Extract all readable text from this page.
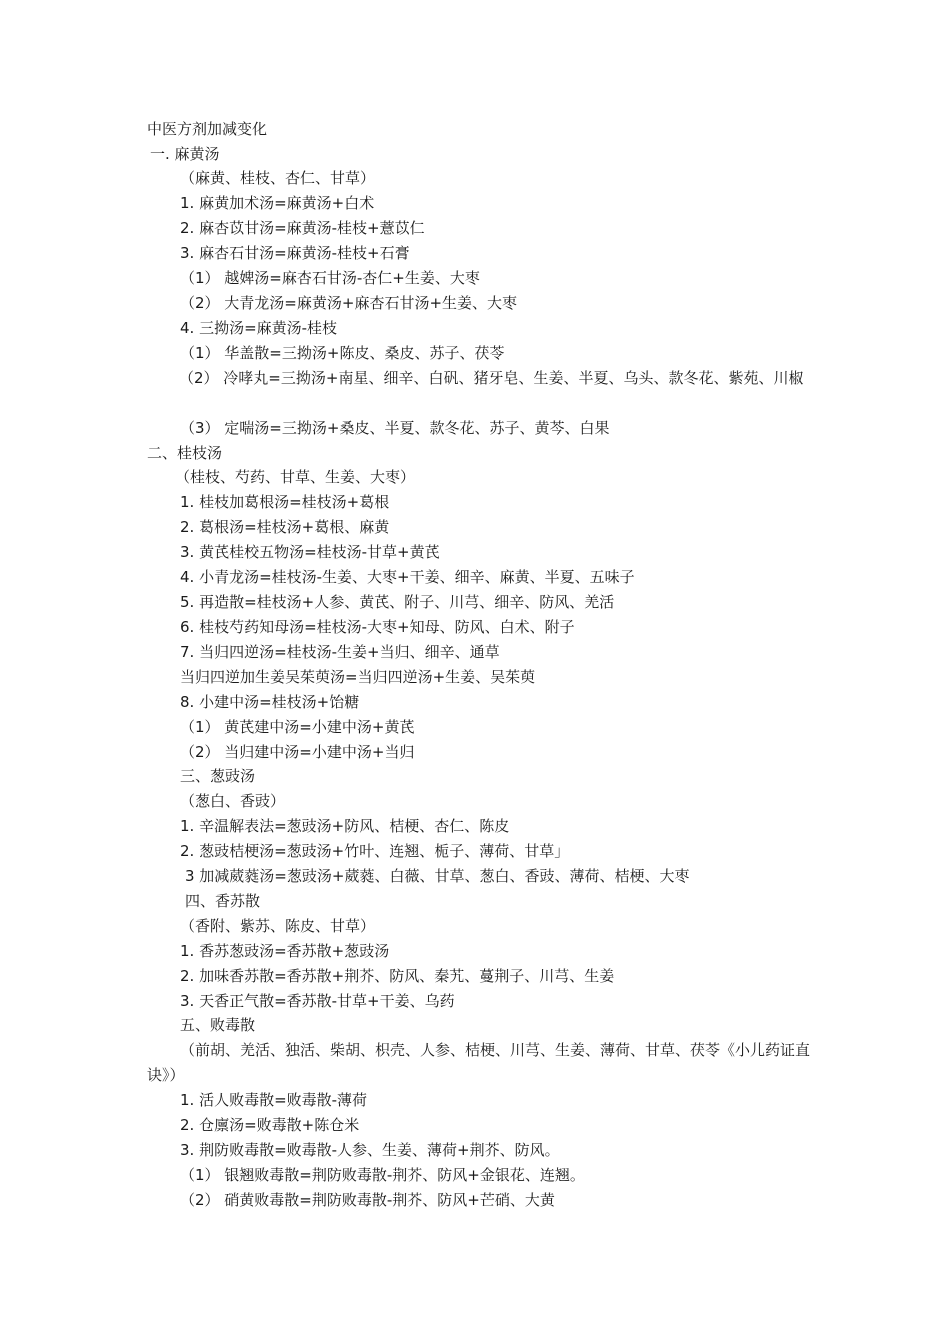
中医方剂加减变化
一. 麻黄汤
（麻黄、桂枝、杏仁、甘草）
1. 麻黄加术汤=麻黄汤+白术
2. 麻杏苡甘汤=麻黄汤-桂枝+薏苡仁
3. 麻杏石甘汤=麻黄汤-桂枝+石膏
（1） 越婢汤=麻杏石甘汤-杏仁+生姜、大枣
（2） 大青龙汤=麻黄汤+麻杏石甘汤+生姜、大枣
4. 三拗汤=麻黄汤-桂枝
（1） 华盖散=三拗汤+陈皮、桑皮、苏子、茯苓
（2） 冷哮丸=三拗汤+南星、细辛、白矾、猪牙皂、生姜、半夏、乌头、款冬花、紫苑、川椒
（3） 定喘汤=三拗汤+桑皮、半夏、款冬花、苏子、黄芩、白果
二、桂枝汤
（桂枝、芍药、甘草、生姜、大枣）
1. 桂枝加葛根汤=桂枝汤+葛根
2. 葛根汤=桂枝汤+葛根、麻黄
3. 黄芪桂校五物汤=桂枝汤-甘草+黄芪
4. 小青龙汤=桂枝汤-生姜、大枣+干姜、细辛、麻黄、半夏、五味子
5. 再造散=桂枝汤+人参、黄芪、附子、川芎、细辛、防风、羌活
6. 桂枝芍药知母汤=桂枝汤-大枣+知母、防风、白术、附子
7. 当归四逆汤=桂枝汤-生姜+当归、细辛、通草
当归四逆加生姜吴茱萸汤=当归四逆汤+生姜、吴茱萸
8. 小建中汤=桂枝汤+饴糖
（1） 黄芪建中汤=小建中汤+黄芪
（2） 当归建中汤=小建中汤+当归
三、葱豉汤
（葱白、香豉）
1. 辛温解表法=葱豉汤+防风、桔梗、杏仁、陈皮
2. 葱豉桔梗汤=葱豉汤+竹叶、连翘、栀子、薄荷、甘草」
3 加减葳蕤汤=葱豉汤+葳蕤、白薇、甘草、葱白、香豉、薄荷、桔梗、大枣
四、香苏散
（香附、紫苏、陈皮、甘草）
1. 香苏葱豉汤=香苏散+葱豉汤
2. 加味香苏散=香苏散+荆芥、防风、秦艽、蔓荆子、川芎、生姜
3. 天香正气散=香苏散-甘草+干姜、乌药
五、败毒散
（前胡、羌活、独活、柴胡、枳壳、人参、桔梗、川芎、生姜、薄荷、甘草、茯苓《小儿药证直诀》）
1. 活人败毒散=败毒散-薄荷
2. 仓廪汤=败毒散+陈仓米
3. 荆防败毒散=败毒散-人参、生姜、薄荷+荆芥、防风。
（1） 银翘败毒散=荆防败毒散-荆芥、防风+金银花、连翘。
（2） 硝黄败毒散=荆防败毒散-荆芥、防风+芒硝、大黄
